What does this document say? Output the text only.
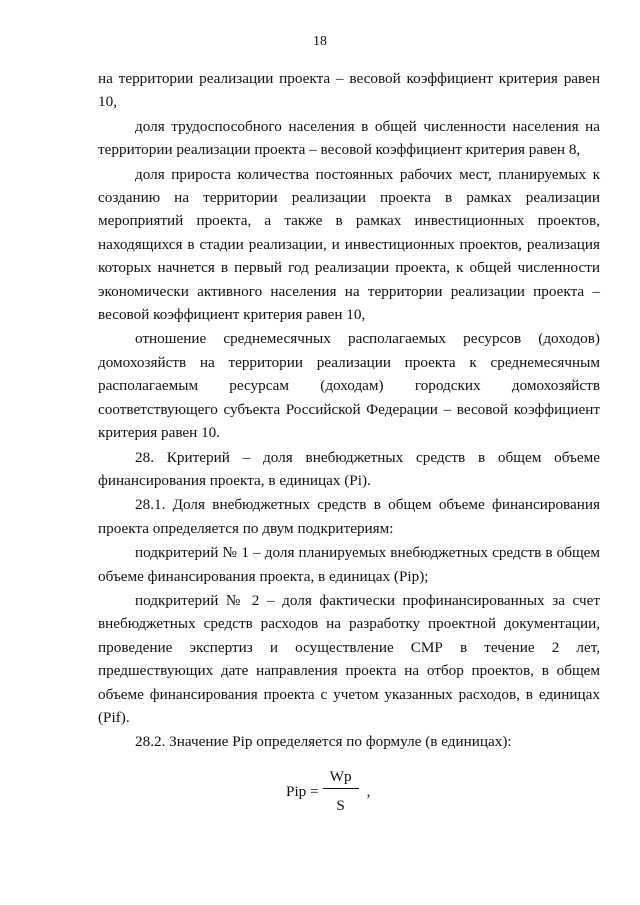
18

на территории реализации проекта – весовой коэффициент критерия равен 10,

доля трудоспособного населения в общей численности населения на территории реализации проекта – весовой коэффициент критерия равен 8,

доля прироста количества постоянных рабочих мест, планируемых к созданию на территории реализации проекта в рамках реализации мероприятий проекта, а также в рамках инвестиционных проектов, находящихся в стадии реализации, и инвестиционных проектов, реализация которых начнется в первый год реализации проекта, к общей численности экономически активного населения на территории реализации проекта – весовой коэффициент критерия равен 10,

отношение среднемесячных располагаемых ресурсов (доходов) домохозяйств на территории реализации проекта к среднемесячным располагаемым ресурсам (доходам) городских домохозяйств соответствующего субъекта Российской Федерации – весовой коэффициент критерия равен 10.

28. Критерий – доля внебюджетных средств в общем объеме финансирования проекта, в единицах (Pi).

28.1. Доля внебюджетных средств в общем объеме финансирования проекта определяется по двум подкритериям:

подкритерий № 1 – доля планируемых внебюджетных средств в общем объеме финансирования проекта, в единицах (Pip);

подкритерий № 2 – доля фактически профинансированных за счет внебюджетных средств расходов на разработку проектной документации, проведение экспертиз и осуществление СМР в течение 2 лет, предшествующих дате направления проекта на отбор проектов, в общем объеме финансирования проекта с учетом указанных расходов, в единицах (Pif).

28.2. Значение Pip определяется по формуле (в единицах):

Pip = $\frac{Wp}{S}$ ,
